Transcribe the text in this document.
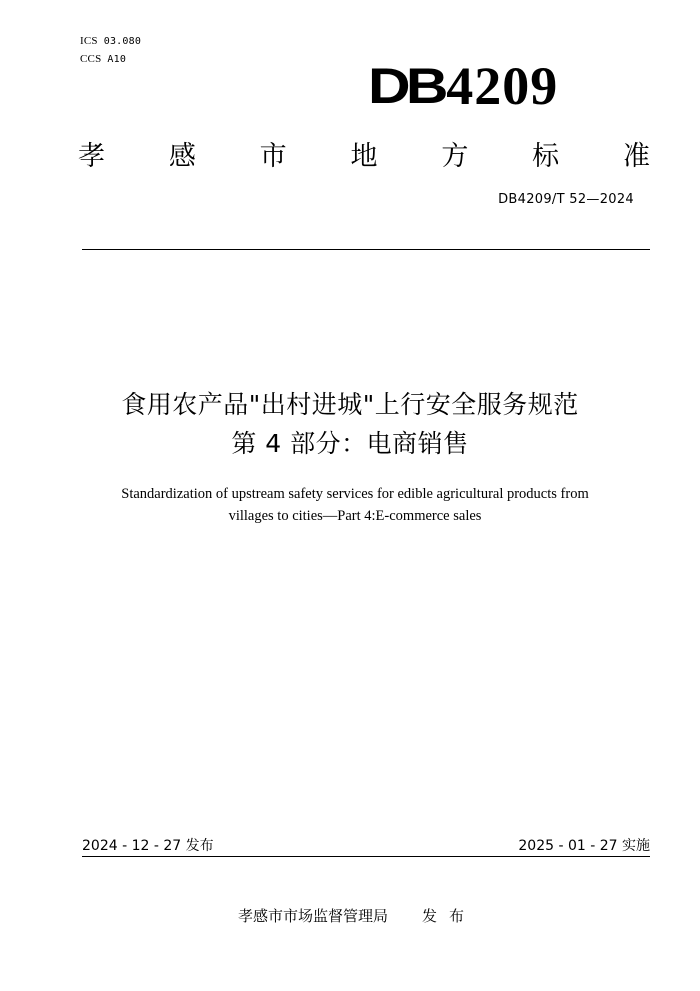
ICS 03.080
CCS A10	DB 4209
孝 感 市 地 方 标 准
DB4209/T 52—2024
食用农产品"出村进城"上行安全服务规范
第 4 部分：电商销售
Standardization of upstream safety services for edible agricultural products from
villages to cities—Part 4:E-commerce sales
2024 - 12 - 27 发布	2025 - 01 - 27 实施
孝感市市场监督管理局 发布
